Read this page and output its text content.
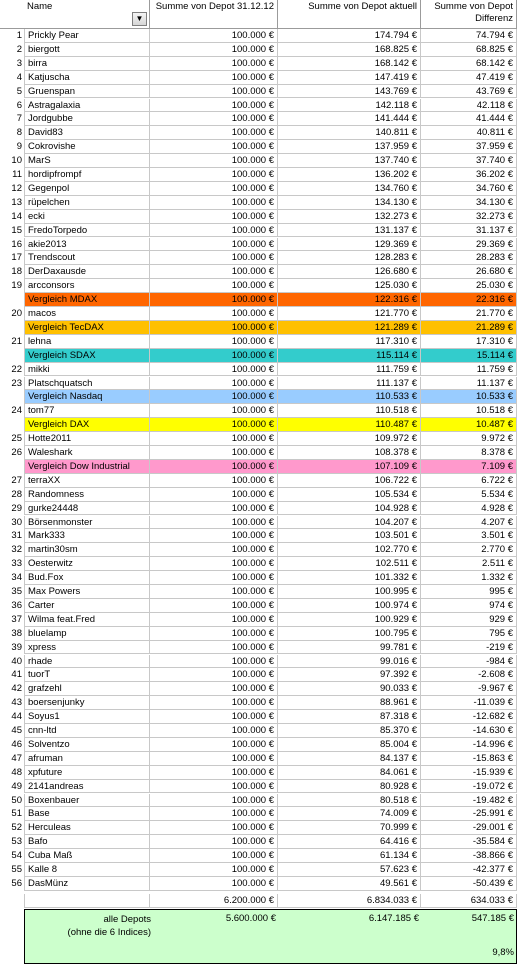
Name
▼
Summe von Depot 31.12.12	Summe von Depot aktuell	Summe von Depot Differenz
1 Prickly Pear	100.000 €	174.794 €	74.794 €
2 biergott	100.000 €	168.825 €	68.825 €
3 birra	100.000 €	168.142 €	68.142 €
4 Katjuscha	100.000 €	147.419 €	47.419 €
5 Gruenspan	100.000 €	143.769 €	43.769 €
6 Astragalaxia	100.000 €	142.118 €	42.118 €
7 Jordgubbe	100.000 €	141.444 €	41.444 €
8 David83	100.000 €	140.811 €	40.811 €
9 Cokrovishe	100.000 €	137.959 €	37.959 €
10 MarS	100.000 €	137.740 €	37.740 €
11 hordipfrompf	100.000 €	136.202 €	36.202 €
12 Gegenpol	100.000 €	134.760 €	34.760 €
13 rüpelchen	100.000 €	134.130 €	34.130 €
14 ecki	100.000 €	132.273 €	32.273 €
15 FredoTorpedo	100.000 €	131.137 €	31.137 €
16 akie2013	100.000 €	129.369 €	29.369 €
17 Trendscout	100.000 €	128.283 €	28.283 €
18 DerDaxausde	100.000 €	126.680 €	26.680 €
19 arcconsors	100.000 €	125.030 €	25.030 €
Vergleich MDAX	100.000 €	122.316 €	22.316 €
20 macos	100.000 €	121.770 €	21.770 €
Vergleich TecDAX	100.000 €	121.289 €	21.289 €
21 lehna	100.000 €	117.310 €	17.310 €
Vergleich SDAX	100.000 €	115.114 €	15.114 €
22 mikki	100.000 €	111.759 €	11.759 €
23 Platschquatsch	100.000 €	111.137 €	11.137 €
Vergleich Nasdaq	100.000 €	110.533 €	10.533 €
24 tom77	100.000 €	110.518 €	10.518 €
Vergleich DAX	100.000 €	110.487 €	10.487 €
25 Hotte2011	100.000 €	109.972 €	9.972 €
26 Waleshark	100.000 €	108.378 €	8.378 €
Vergleich Dow Industrial	100.000 €	107.109 €	7.109 €
27 terraXX	100.000 €	106.722 €	6.722 €
28 Randomness	100.000 €	105.534 €	5.534 €
29 gurke24448	100.000 €	104.928 €	4.928 €
30 Börsenmonster	100.000 €	104.207 €	4.207 €
31 Mark333	100.000 €	103.501 €	3.501 €
32 martin30sm	100.000 €	102.770 €	2.770 €
33 Oesterwitz	100.000 €	102.511 €	2.511 €
34 Bud.Fox	100.000 €	101.332 €	1.332 €
35 Max Powers	100.000 €	100.995 €	995 €
36 Carter	100.000 €	100.974 €	974 €
37 Wilma feat.Fred	100.000 €	100.929 €	929 €
38 bluelamp	100.000 €	100.795 €	795 €
39 xpress	100.000 €	99.781 €	-219 €
40 rhade	100.000 €	99.016 €	-984 €
41 tuorT	100.000 €	97.392 €	-2.608 €
42 grafzehl	100.000 €	90.033 €	-9.967 €
43 boersenjunky	100.000 €	88.961 €	-11.039 €
44 Soyus1	100.000 €	87.318 €	-12.682 €
45 cnn-ltd	100.000 €	85.370 €	-14.630 €
46 Solventzo	100.000 €	85.004 €	-14.996 €
47 afruman	100.000 €	84.137 €	-15.863 €
48 xpfuture	100.000 €	84.061 €	-15.939 €
49 2141andreas	100.000 €	80.928 €	-19.072 €
50 Boxenbauer	100.000 €	80.518 €	-19.482 €
51 Base	100.000 €	74.009 €	-25.991 €
52 Herculeas	100.000 €	70.999 €	-29.001 €
53 Bafo	100.000 €	64.416 €	-35.584 €
54 Cuba Maß	100.000 €	61.134 €	-38.866 €
55 Kalle 8	100.000 €	57.623 €	-42.377 €
56 DasMünz	100.000 €	49.561 €	-50.439 €
6.200.000 €	6.834.033 €	634.033 €
alle Depots
(ohne die 6 Indices)
5.600.000 €	6.147.185 €	547.185 €
9,8%
